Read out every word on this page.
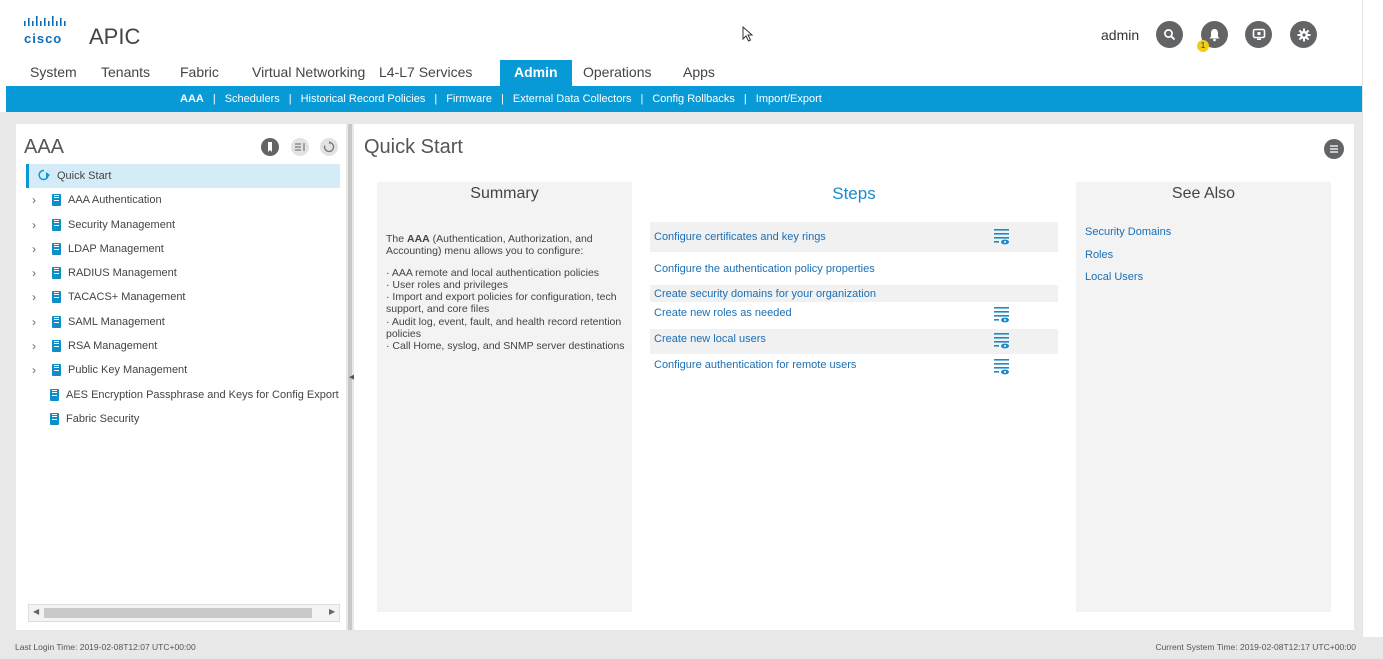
cisco APIC	admin
1
System Tenants Fabric Virtual Networking L4-L7 Services	Admin	Operations Apps
AAA | Schedulers | Historical Record Policies | Firmware | External Data Collectors | Config Rollbacks | Import/Export
AAA
Quick Start
›	AAA Authentication
›	Security Management
›	LDAP Management
›	RADIUS Management
›	TACACS+ Management
›	SAML Management
›	RSA Management
›	Public Key Management
AES Encryption Passphrase and Keys for Config Export
Fabric Security
◀	▶
◀
Quick Start
Summary

The AAA (Authentication, Authorization, and Accounting) menu allows you to configure:

· AAA remote and local authentication policies
· User roles and privileges
· Import and export policies for configuration, tech support, and core files
· Audit log, event, fault, and health record retention policies
· Call Home, syslog, and SNMP server destinations
Steps
Configure certificates and key rings
Configure the authentication policy properties
Create security domains for your organization
Create new roles as needed
Create new local users
Configure authentication for remote users
See Also
Security Domains
Roles
Local Users
Last Login Time: 2019-02-08T12:07 UTC+00:00	Current System Time: 2019-02-08T12:17 UTC+00:00
